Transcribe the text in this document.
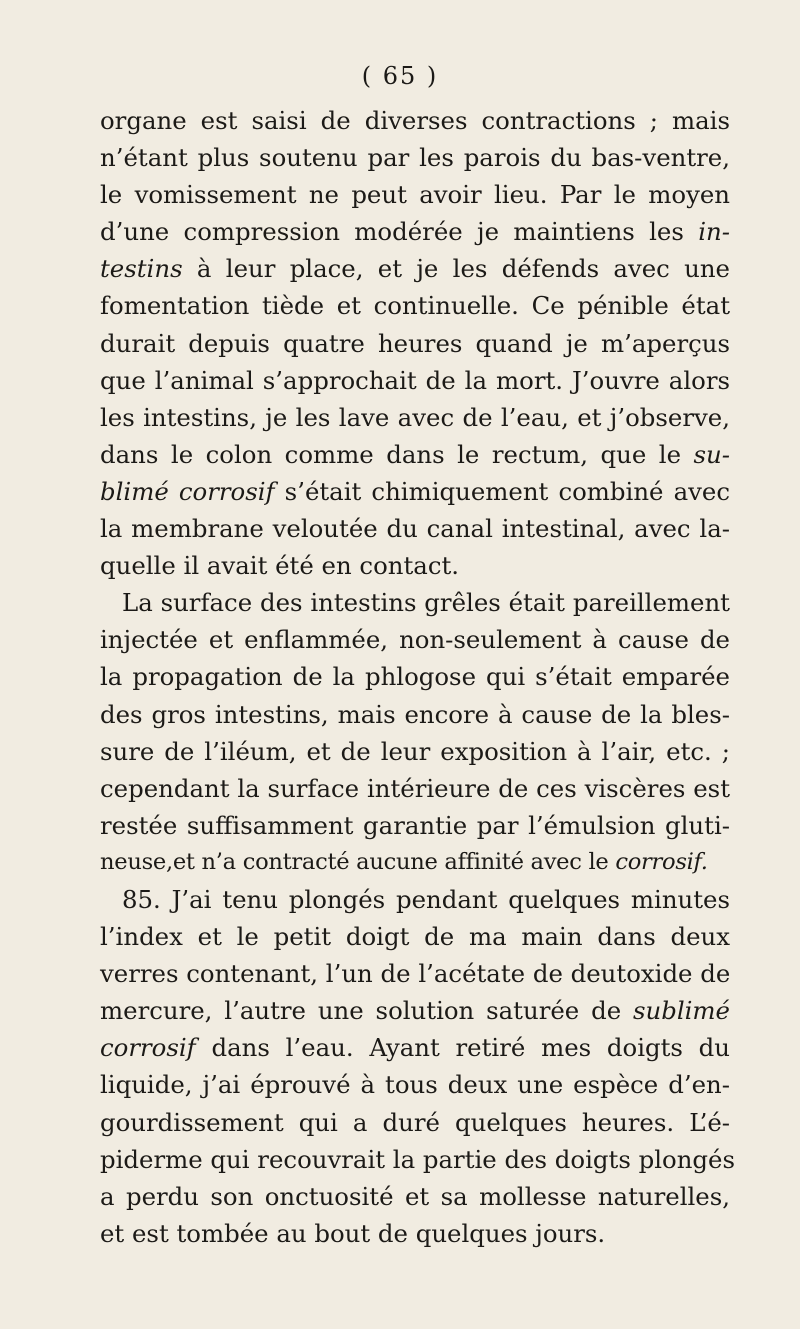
( 65 )
organe est saisi de diverses contractions ; mais
n’étant plus soutenu par les parois du bas-ventre,
le vomissement ne peut avoir lieu. Par le moyen
d’une compression modérée je maintiens les in-
testins à leur place, et je les défends avec une
fomentation tiède et continuelle. Ce pénible état
durait depuis quatre heures quand je m’aperçus
que l’animal s’approchait de la mort. J’ouvre alors
les intestins, je les lave avec de l’eau, et j’observe,
dans le colon comme dans le rectum, que le su-
blimé corrosif s’était chimiquement combiné avec
la membrane veloutée du canal intestinal, avec la-
quelle il avait été en contact.
La surface des intestins grêles était pareillement
injectée et enflammée, non-seulement à cause de
la propagation de la phlogose qui s’était emparée
des gros intestins, mais encore à cause de la bles-
sure de l’iléum, et de leur exposition à l’air, etc. ;
cependant la surface intérieure de ces viscères est
restée suffisamment garantie par l’émulsion gluti-
neuse,et n’a contracté aucune affinité avec le corrosif.
85. J’ai tenu plongés pendant quelques minutes
l’index et le petit doigt de ma main dans deux
verres contenant, l’un de l’acétate de deutoxide de
mercure, l’autre une solution saturée de sublimé
corrosif dans l’eau. Ayant retiré mes doigts du
liquide, j’ai éprouvé à tous deux une espèce d’en-
gourdissement qui a duré quelques heures. L’é-
piderme qui recouvrait la partie des doigts plongés
a perdu son onctuosité et sa mollesse naturelles,
et est tombée au bout de quelques jours.
